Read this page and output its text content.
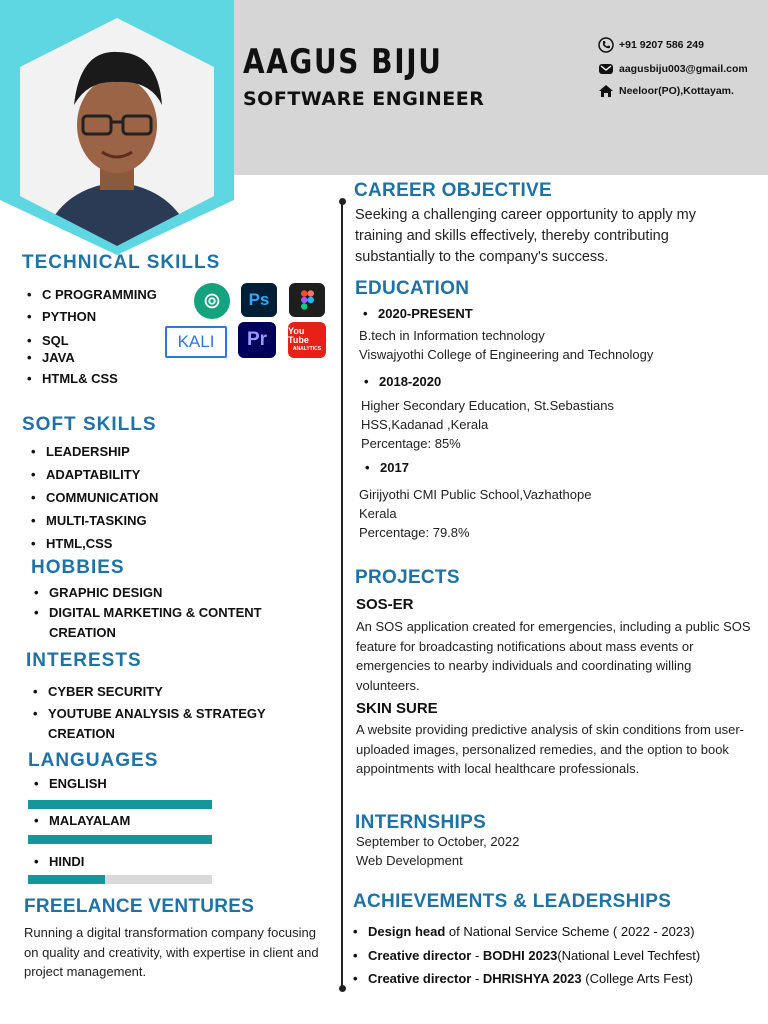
AAGUS BIJU
SOFTWARE ENGINEER
+91 9207 586 249
aagusbiju003@gmail.com
Neeloor(PO),Kottayam.
TECHNICAL SKILLS
• C PROGRAMMING
• PYTHON
• SQL
• JAVA
• HTML& CSS
Ps
KALI	Pr	You Tube
ANALYTICS
SOFT SKILLS
• LEADERSHIP
• ADAPTABILITY
• COMMUNICATION
• MULTI-TASKING
• HTML,CSS
HOBBIES
• GRAPHIC DESIGN
• DIGITAL MARKETING & CONTENT CREATION
INTERESTS
• CYBER SECURITY
• YOUTUBE ANALYSIS & STRATEGY CREATION
LANGUAGES
• ENGLISH
• MALAYALAM
• HINDI
FREELANCE VENTURES
Running a digital transformation company focusing on quality and creativity, with expertise in client and project management.
CAREER OBJECTIVE
Seeking a challenging career opportunity to apply my training and skills effectively, thereby contributing substantially to the company's success.
EDUCATION
• 2020-PRESENT
B.tech in Information technology
Viswajyothi College of Engineering and Technology
• 2018-2020
Higher Secondary Education, St.Sebastians
HSS,Kadanad ,Kerala
Percentage: 85%
• 2017
Girijyothi CMI Public School,Vazhathope
Kerala
Percentage: 79.8%
PROJECTS
SOS-ER
An SOS application created for emergencies, including a public SOS feature for broadcasting notifications about mass events or emergencies to nearby individuals and coordinating willing volunteers.
SKIN SURE
A website providing predictive analysis of skin conditions from user-uploaded images, personalized remedies, and the option to book appointments with local healthcare professionals.
INTERNSHIPS
September to October, 2022
Web Development
ACHIEVEMENTS & LEADERSHIPS
• Design head of National Service Scheme ( 2022 - 2023)
• Creative director - BODHI 2023(National Level Techfest)
• Creative director - DHRISHYA 2023 (College Arts Fest)
